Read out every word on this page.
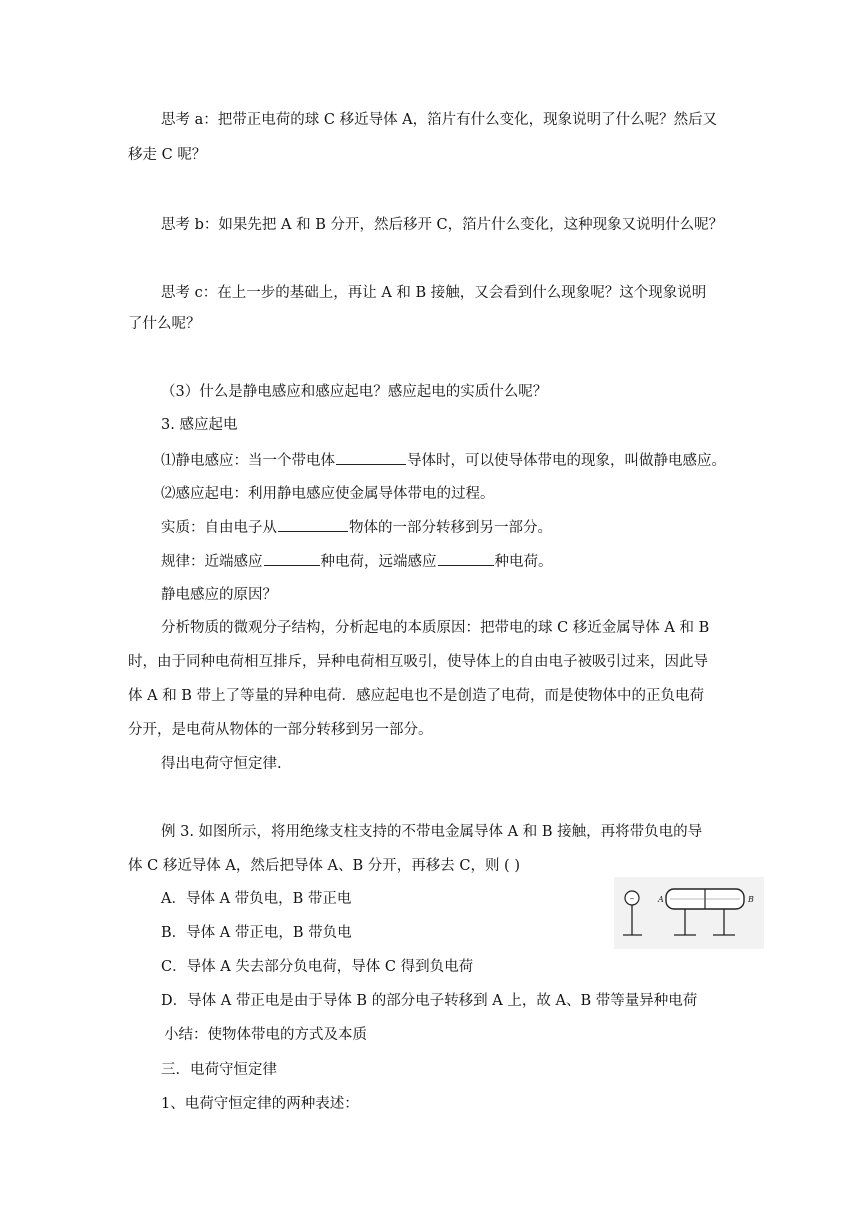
思考 a：把带正电荷的球 C 移近导体 A，箔片有什么变化，现象说明了什么呢？然后又
移走 C 呢？
思考 b：如果先把 A 和 B 分开，然后移开 C，箔片什么变化，这种现象又说明什么呢？
思考 c：在上一步的基础上，再让 A 和 B 接触，又会看到什么现象呢？这个现象说明
了什么呢？
（3）什么是静电感应和感应起电？感应起电的实质什么呢？
3. 感应起电
⑴静电感应：当一个带电体	导体时，可以使导体带电的现象，叫做静电感应。
⑵感应起电：利用静电感应使金属导体带电的过程。
实质：自由电子从	物体的一部分转移到另一部分。
规律：近端感应	种电荷，远端感应	种电荷。
静电感应的原因？
分析物质的微观分子结构，分析起电的本质原因：把带电的球 C 移近金属导体 A 和 B
时，由于同种电荷相互排斥，异种电荷相互吸引，使导体上的自由电子被吸引过来，因此导
体 A 和 B 带上了等量的异种电荷．感应起电也不是创造了电荷，而是使物体中的正负电荷
分开，是电荷从物体的一部分转移到另一部分。
得出电荷守恒定律.
例 3. 如图所示，将用绝缘支柱支持的不带电金属导体 A 和 B 接触，再将带负电的导
体 C 移近导体 A，然后把导体 A、B 分开，再移去 C，则 ( )
A．导体 A 带负电，B 带正电
B．导体 A 带正电，B 带负电
C．导体 A 失去部分负电荷，导体 C 得到负电荷
D．导体 A 带正电是由于导体 B 的部分电子转移到 A 上，故 A、B 带等量异种电荷
小结：使物体带电的方式及本质
三．电荷守恒定律
1、电荷守恒定律的两种表述：
–	A	B
